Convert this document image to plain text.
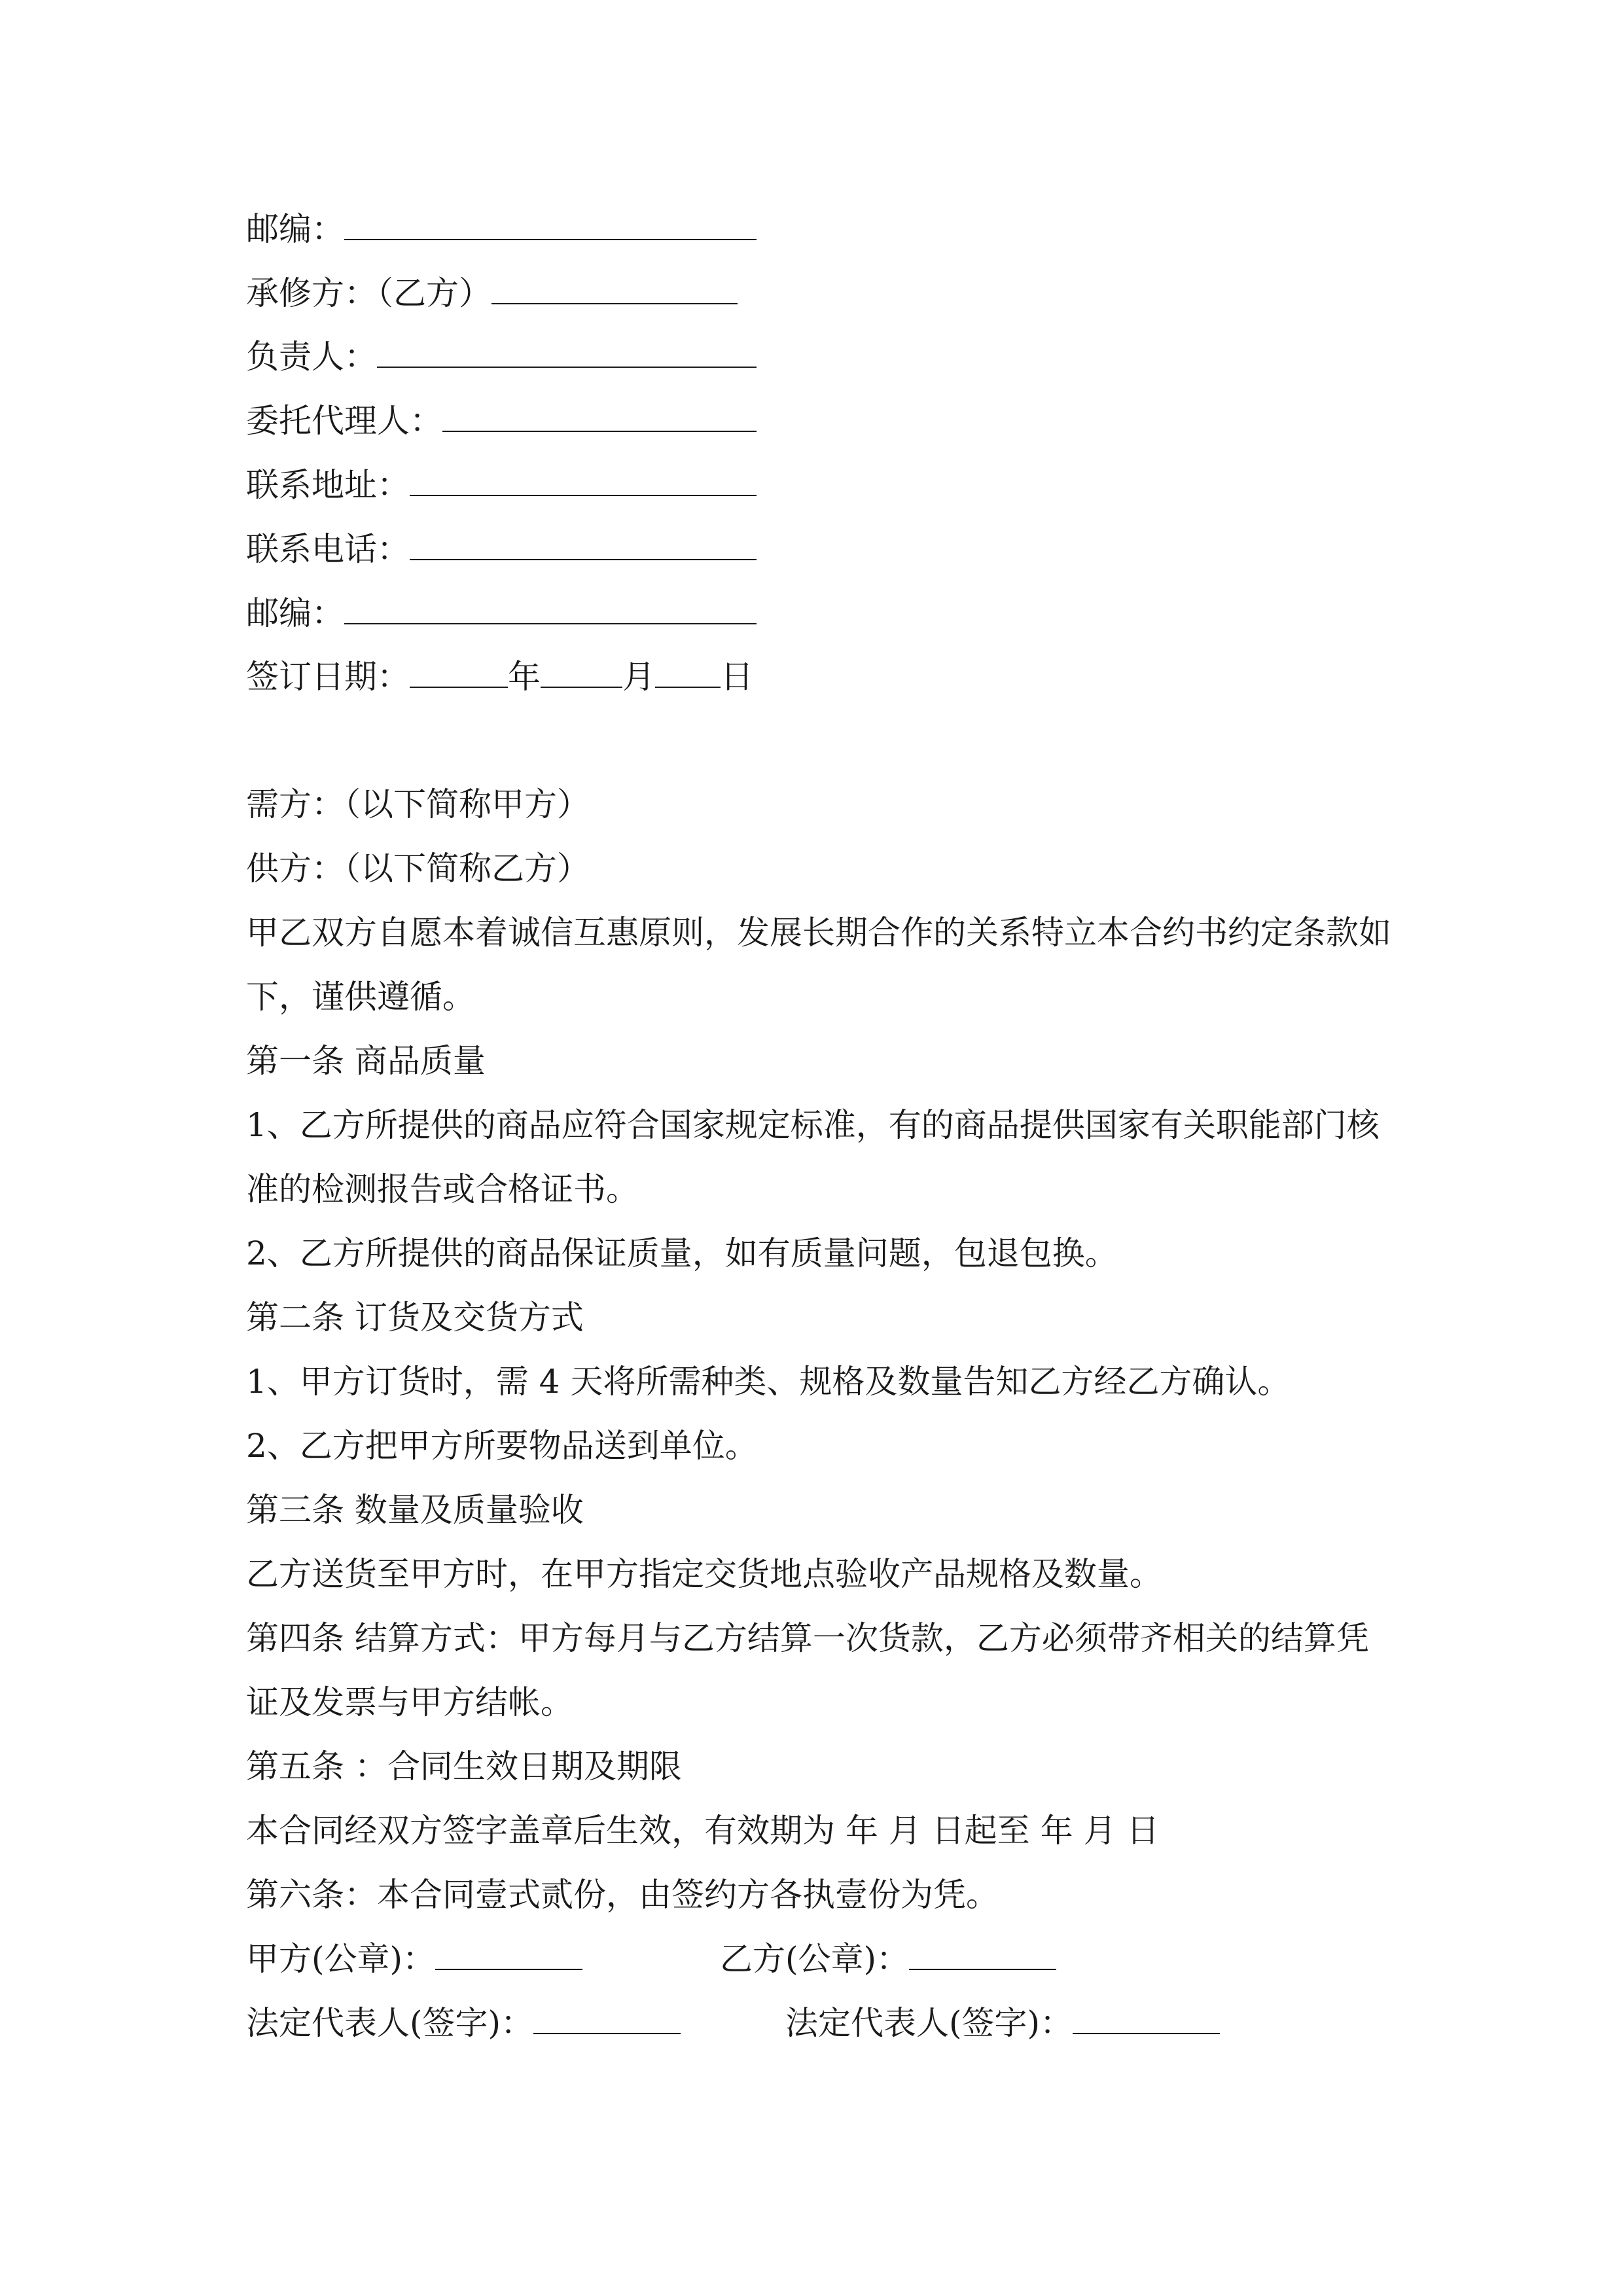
邮编：
承修方：（乙方）
负责人：
委托代理人：
联系地址：
联系电话：
邮编：
签订日期：	年	月 日
需方：（以下简称甲方）
供方：（以下简称乙方）
甲乙双方自愿本着诚信互惠原则，发展长期合作的关系特立本合约书约定条款如
下，谨供遵循。
第一条 商品质量
1、乙方所提供的商品应符合国家规定标准，有的商品提供国家有关职能部门核
准的检测报告或合格证书。
2、乙方所提供的商品保证质量，如有质量问题，包退包换。
第二条 订货及交货方式
1、甲方订货时，需 4 天将所需种类、规格及数量告知乙方经乙方确认。
2、乙方把甲方所要物品送到单位。
第三条 数量及质量验收
乙方送货至甲方时，在甲方指定交货地点验收产品规格及数量。
第四条 结算方式：甲方每月与乙方结算一次货款，乙方必须带齐相关的结算凭
证及发票与甲方结帐。
第五条 ：合同生效日期及期限
本合同经双方签字盖章后生效，有效期为 年 月 日起至 年 月 日
第六条：本合同壹式贰份，由签约方各执壹份为凭。
甲方(公章)：	乙方(公章)：
法定代表人(签字)：	法定代表人(签字)：
